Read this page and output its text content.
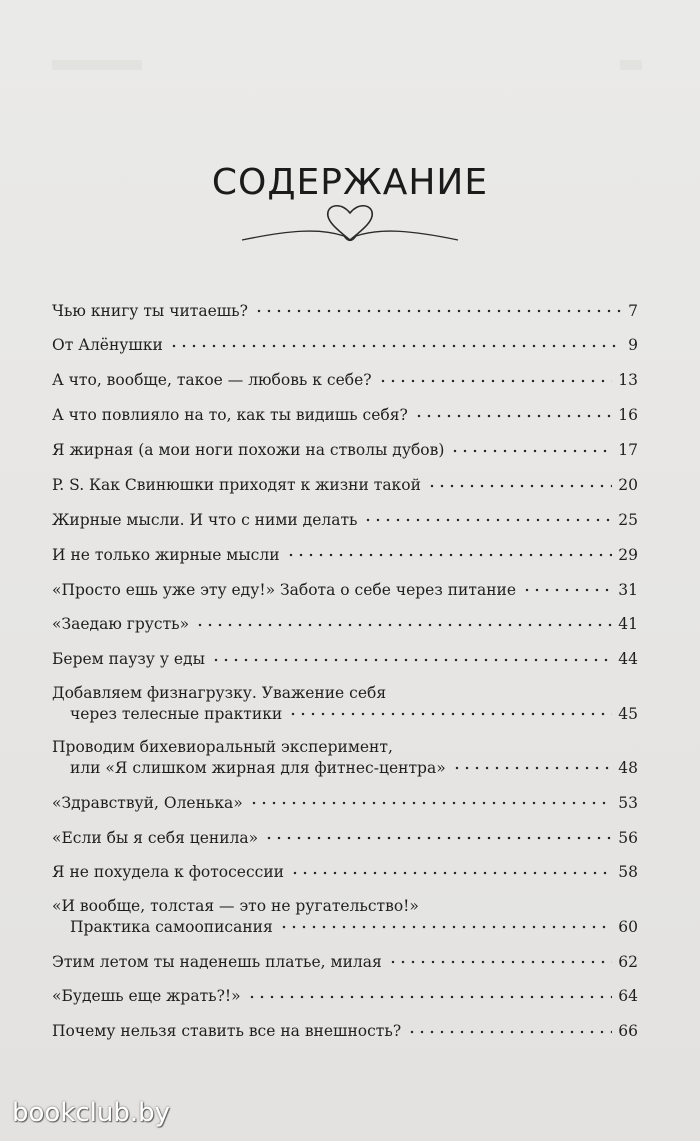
СОДЕРЖАНИЕ
Чью книгу ты читаешь?	7
От Алёнушки	9
А что, вообще, такое — любовь к себе?	13
А что повлияло на то, как ты видишь себя?	16
Я жирная (а мои ноги похожи на стволы дубов)	17
P. S. Как Свинюшки приходят к жизни такой	20
Жирные мысли. И что с ними делать	25
И не только жирные мысли	29
«Просто ешь уже эту еду!» Забота о себе через питание	31
«Заедаю грусть»	41
Берем паузу у еды	44
Добавляем физнагрузку. Уважение себя
через телесные практики	45
Проводим бихевиоральный эксперимент,
или «Я слишком жирная для фитнес-центра»	48
«Здравствуй, Оленька»	53
«Если бы я себя ценила»	56
Я не похудела к фотосессии	58
«И вообще, толстая — это не ругательство!»
Практика самоописания	60
Этим летом ты наденешь платье, милая	62
«Будешь еще жрать?!»	64
Почему нельзя ставить все на внешность?	66
bookclub.by
